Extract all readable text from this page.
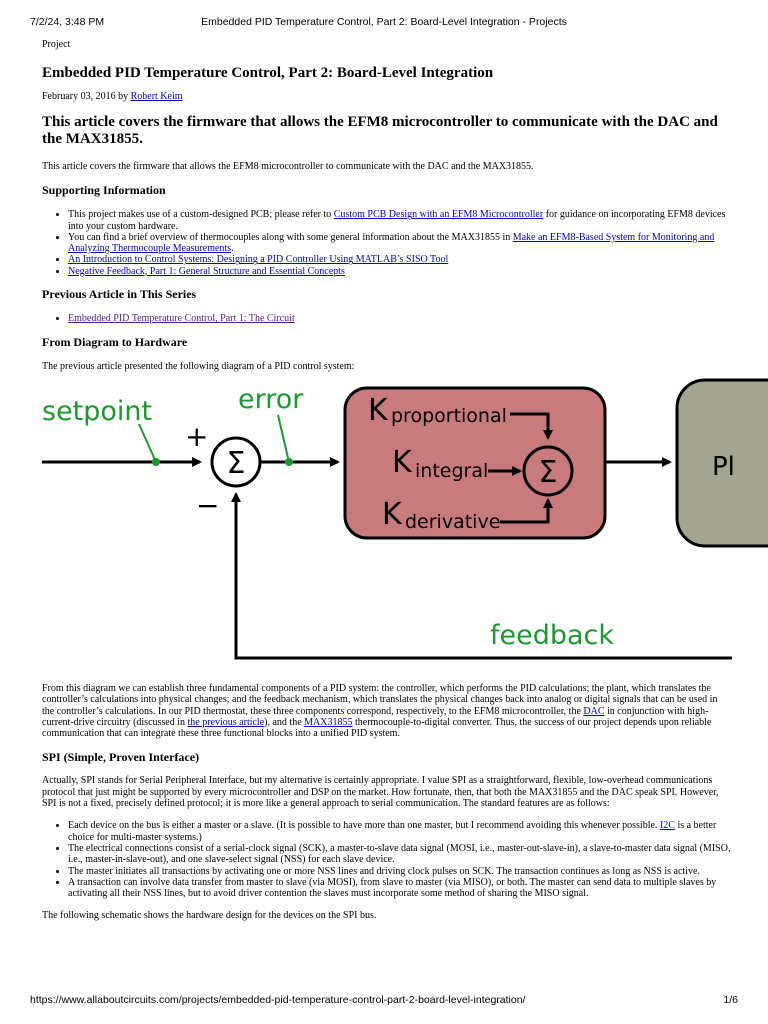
7/2/24, 3:48 PM	Embedded PID Temperature Control, Part 2: Board-Level Integration - Projects

Project

Embedded PID Temperature Control, Part 2: Board-Level Integration

February 03, 2016 by Robert Keim

This article covers the firmware that allows the EFM8 microcontroller to communicate with the DAC and the MAX31855.

This article covers the firmware that allows the EFM8 microcontroller to communicate with the DAC and the MAX31855.

Supporting Information
• This project makes use of a custom-designed PCB; please refer to Custom PCB Design with an EFM8 Microcontroller for guidance on incorporating EFM8 devices into your custom hardware.
• You can find a brief overview of thermocouples along with some general information about the MAX31855 in Make an EFM8-Based System for Monitoring and Analyzing Thermocouple Measurements.
• An Introduction to Control Systems: Designing a PID Controller Using MATLAB’s SISO Tool
• Negative Feedback, Part 1: General Structure and Essential Concepts
Previous Article in This Series
• Embedded PID Temperature Control, Part 1: The Circuit
From Diagram to Hardware

The previous article presented the following diagram of a PID control system:

Pl
setpoint
+
−
Σ
error K proportional
K integral
K derivative
Σ
feedback

From this diagram we can establish three fundamental components of a PID system: the controller, which performs the PID calculations; the plant, which translates the controller’s calculations into physical changes; and the feedback mechanism, which translates the physical changes back into analog or digital signals that can be used in the controller’s calculations. In our PID thermostat, these three components correspond, respectively, to the EFM8 microcontroller, the DAC in conjunction with high-current-drive circuitry (discussed in the previous article), and the MAX31855 thermocouple-to-digital converter. Thus, the success of our project depends upon reliable communication that can integrate these three functional blocks into a unified PID system.

SPI (Simple, Proven Interface)

Actually, SPI stands for Serial Peripheral Interface, but my alternative is certainly appropriate. I value SPI as a straightforward, flexible, low-overhead communications protocol that just might be supported by every microcontroller and DSP on the market. How fortunate, then, that both the MAX31855 and the DAC speak SPI. However, SPI is not a fixed, precisely defined protocol; it is more like a general approach to serial communication. The standard features are as follows:

• Each device on the bus is either a master or a slave. (It is possible to have more than one master, but I recommend avoiding this whenever possible. I2C is a better choice for multi-master systems.)
• The electrical connections consist of a serial-clock signal (SCK), a master-to-slave data signal (MOSI, i.e., master-out-slave-in), a slave-to-master data signal (MISO, i.e., master-in-slave-out), and one slave-select signal (NSS) for each slave device.
• The master initiates all transactions by activating one or more NSS lines and driving clock pulses on SCK. The transaction continues as long as NSS is active.
• A transaction can involve data transfer from master to slave (via MOSI), from slave to master (via MISO), or both. The master can send data to multiple slaves by activating all their NSS lines, but to avoid driver contention the slaves must incorporate some method of sharing the MISO signal.

The following schematic shows the hardware design for the devices on the SPI bus.

https://www.allaboutcircuits.com/projects/embedded-pid-temperature-control-part-2-board-level-integration/	1/6
